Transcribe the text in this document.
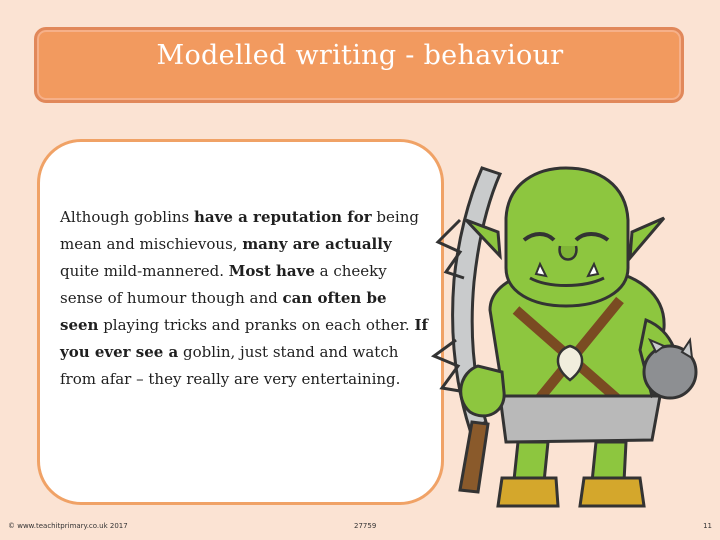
Modelled writing - behaviour

Although goblins have a reputation for being mean and mischievous, many are actually quite mild-mannered. Most have a cheeky sense of humour though and can often be seen playing tricks and pranks on each other. If you ever see a goblin, just stand and watch from afar – they really are very entertaining.

© www.teachitprimary.co.uk 2017	27759	11
